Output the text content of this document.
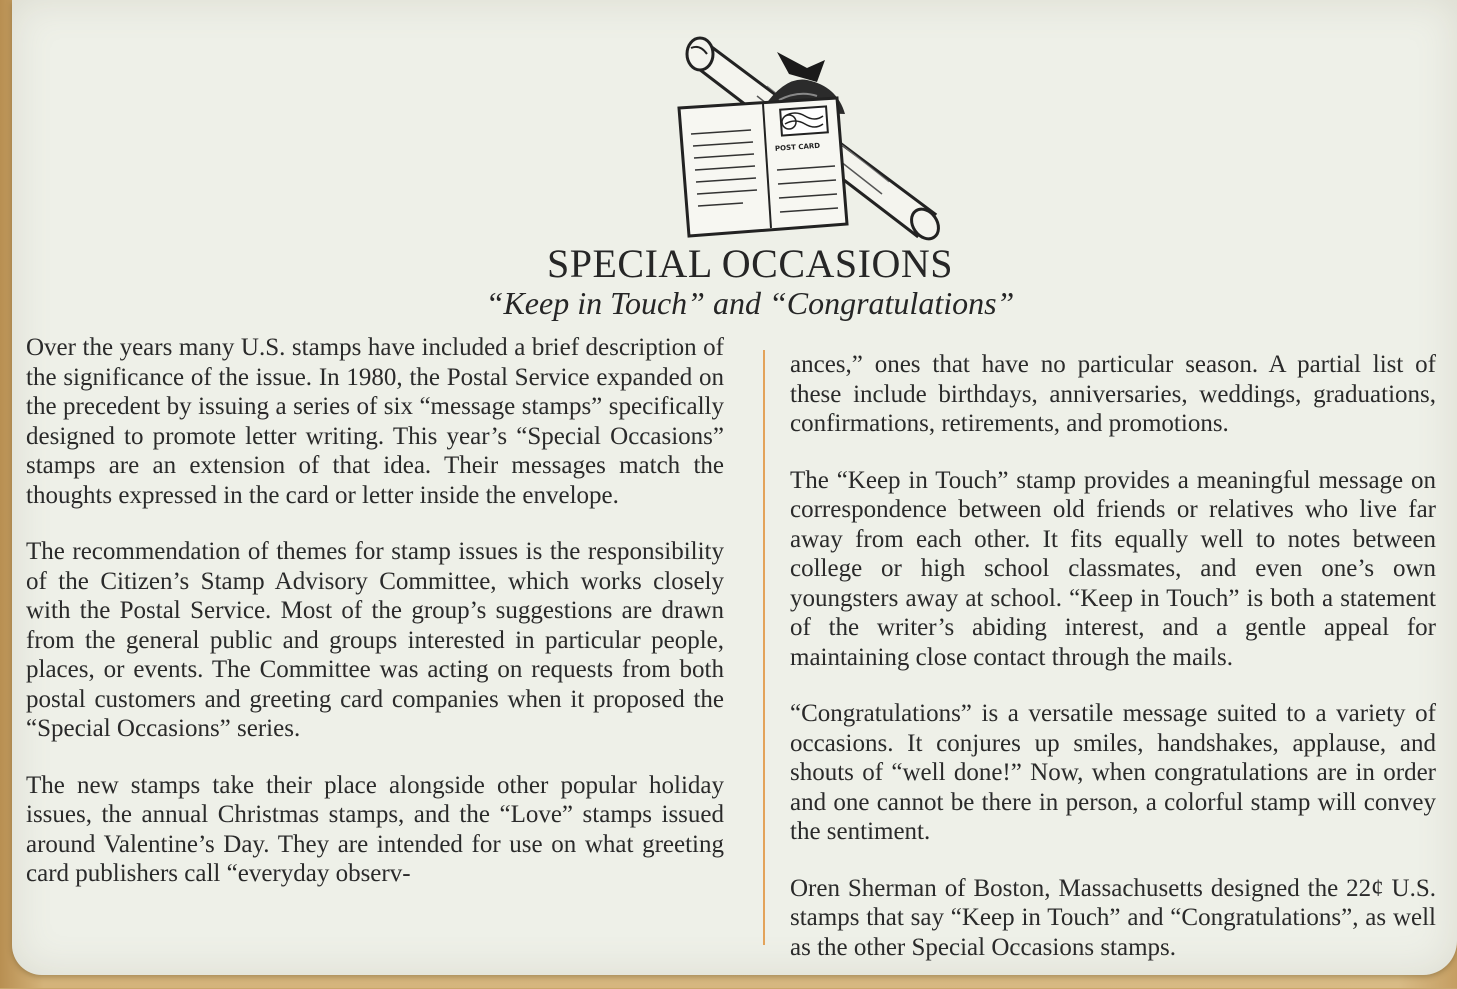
POST CARD
SPECIAL OCCASIONS
“Keep in Touch” and “Congratulations”

Over the years many U.S. stamps have included a brief description of the significance of the issue. In 1980, the Postal Service expanded on the precedent by issuing a series of six “message stamps” specifically designed to promote letter writing. This year’s “Special Occasions” stamps are an extension of that idea. Their messages match the thoughts expressed in the card or letter inside the envelope.

The recommendation of themes for stamp issues is the responsibility of the Citizen’s Stamp Advisory Committee, which works closely with the Postal Service. Most of the group’s suggestions are drawn from the general public and groups interested in particular people, places, or events. The Committee was acting on requests from both postal customers and greeting card companies when it proposed the “Special Occasions” series.

The new stamps take their place alongside other popular holiday issues, the annual Christmas stamps, and the “Love” stamps issued around Valentine’s Day. They are intended for use on what greeting card publishers call “everyday observ-

ances,” ones that have no particular season. A partial list of these include birthdays, anniversaries, weddings, graduations, confirmations, retirements, and promotions.

The “Keep in Touch” stamp provides a meaningful message on correspondence between old friends or relatives who live far away from each other. It fits equally well to notes between college or high school classmates, and even one’s own youngsters away at school. “Keep in Touch” is both a statement of the writer’s abiding interest, and a gentle appeal for maintaining close contact through the mails.

“Congratulations” is a versatile message suited to a variety of occasions. It conjures up smiles, handshakes, applause, and shouts of “well done!” Now, when congratulations are in order and one cannot be there in person, a colorful stamp will convey the sentiment.

Oren Sherman of Boston, Massachusetts designed the 22¢ U.S. stamps that say “Keep in Touch” and “Congratulations”, as well as the other Special Occasions stamps.
